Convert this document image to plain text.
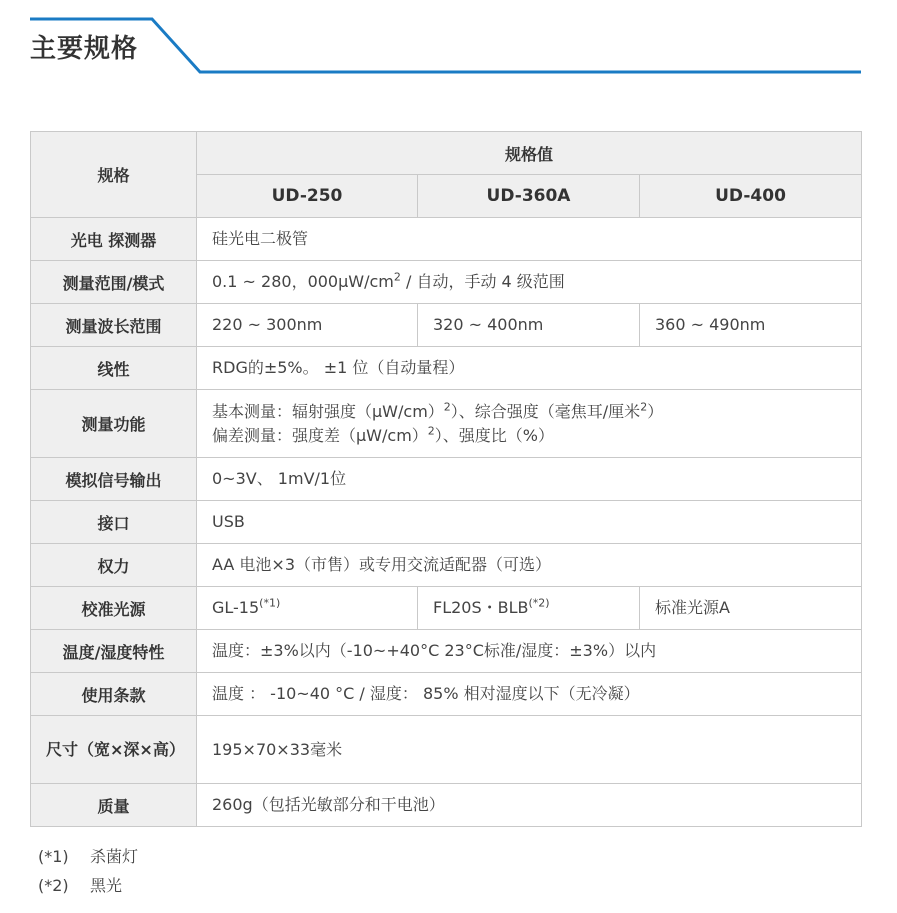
主要规格
规格	规格值		
	UD-250	UD-360A	UD-400
光电 探测器	硅光电二极管		
测量范围/模式	0.1 ~ 280，000μW/cm$^2$ / 自动，手动 4 级范围		
测量波长范围	220 ~ 300nm	320 ~ 400nm	360 ~ 490nm
线性	RDG的±5%。 ±1 位（自动量程）		
测量功能	基本测量：辐射强度（μW/cm）$^2$）、综合强度（毫焦耳/厘米$^2$）
偏差测量：强度差（μW/cm）$^2$）、强度比（%）		

模拟信号输出	0~3V、 1mV/1位		
接口	USB		
权力	AA 电池×3（市售）或专用交流适配器（可选）		
校准光源	GL-15$^{(*1)}$	FL20S・BLB$^{(*2)}$	标准光源A
温度/湿度特性	温度：±3%以内（-10~+40°C 23°C标准/湿度：±3%）以内		
使用条款	温度 ： -10~40 °C / 湿度： 85% 相对湿度以下（无冷凝）		
尺寸（宽×深×高）	195×70×33毫米		
质量	260g（包括光敏部分和干电池）		
(*1) 杀菌灯
(*2) 黑光
